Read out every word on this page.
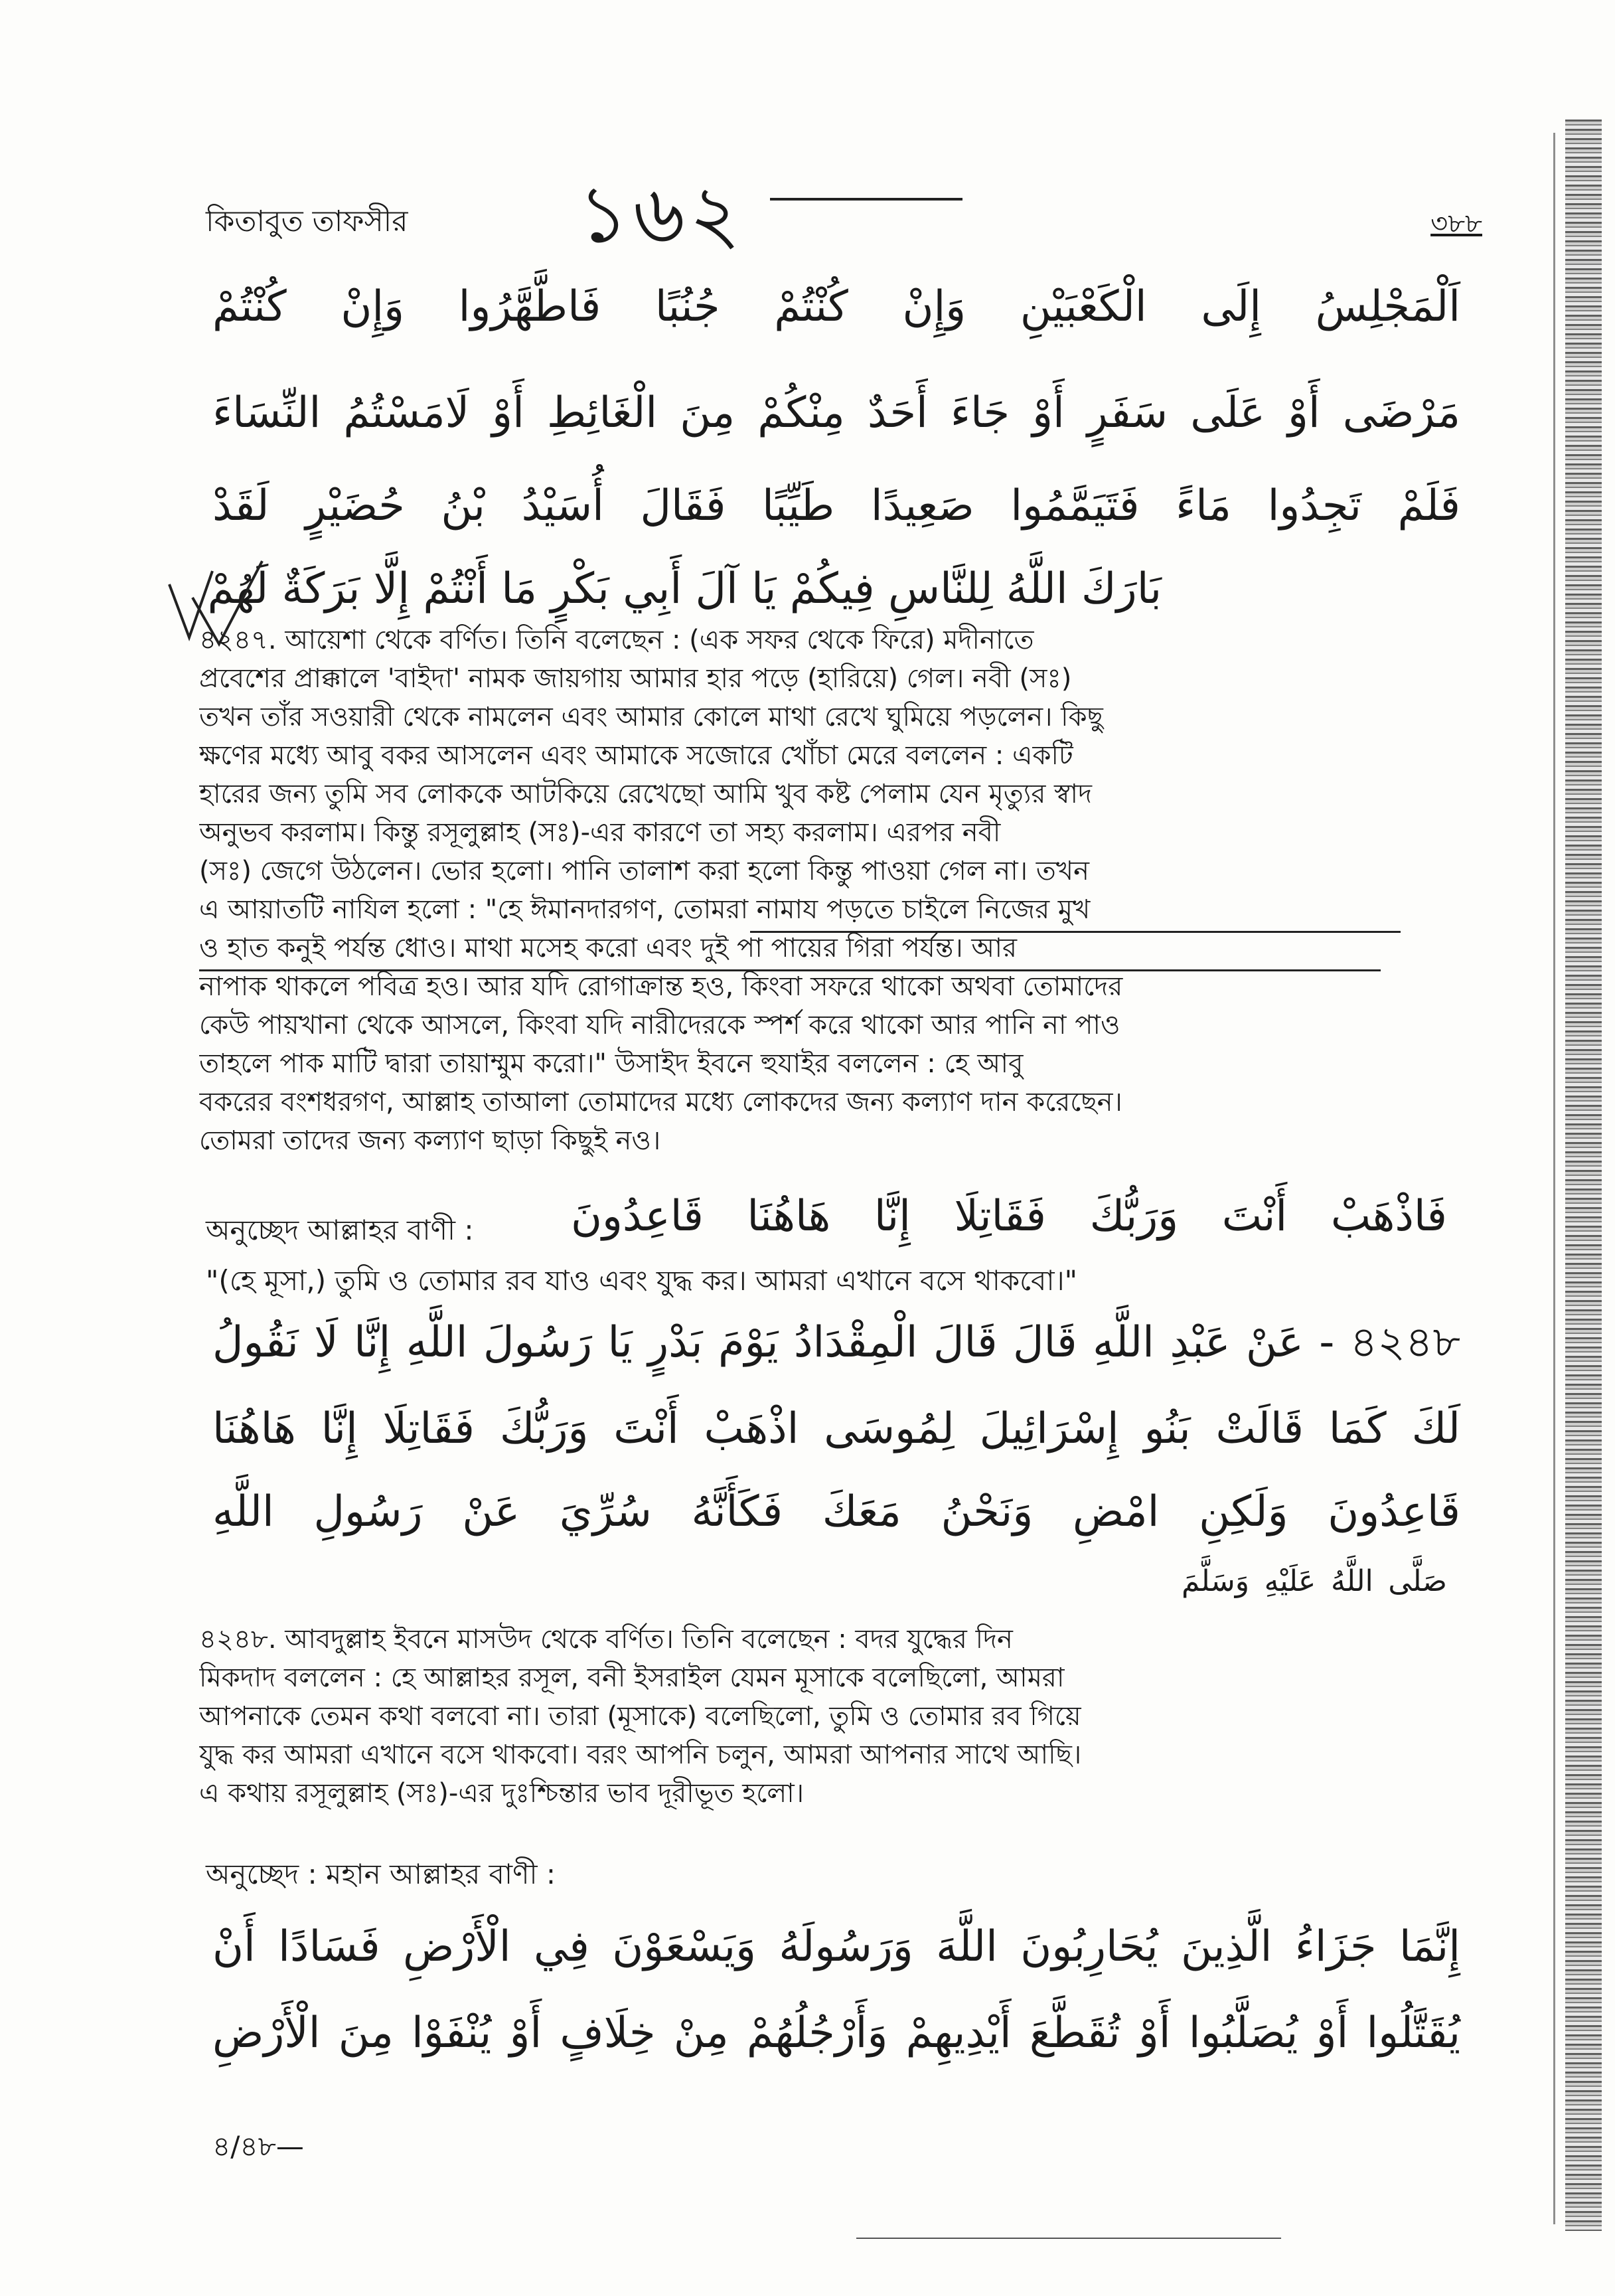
কিতাবুত তাফসীর ১৬২	৩৮৮
اَلْمَجْلِسُ إِلَى الْكَعْبَيْنِ وَإِنْ كُنْتُمْ جُنُبًا فَاطَّهَّرُوا وَإِنْ كُنْتُمْ
مَرْضَى أَوْ عَلَى سَفَرٍ أَوْ جَاءَ أَحَدٌ مِنْكُمْ مِنَ الْغَائِطِ أَوْ لَامَسْتُمُ النِّسَاءَ
فَلَمْ تَجِدُوا مَاءً فَتَيَمَّمُوا صَعِيدًا طَيِّبًا فَقَالَ أُسَيْدُ بْنُ حُضَيْرٍ لَقَدْ
بَارَكَ اللَّهُ لِلنَّاسِ فِيكُمْ يَا آلَ أَبِي بَكْرٍ مَا أَنْتُمْ إِلَّا بَرَكَةٌ لَهُمْ
৪২৪৭. আয়েশা থেকে বর্ণিত। তিনি বলেছেন : (এক সফর থেকে ফিরে) মদীনাতে
প্রবেশের প্রাক্কালে 'বাইদা' নামক জায়গায় আমার হার পড়ে (হারিয়ে) গেল। নবী (সঃ)
তখন তাঁর সওয়ারী থেকে নামলেন এবং আমার কোলে মাথা রেখে ঘুমিয়ে পড়লেন। কিছু
ক্ষণের মধ্যে আবু বকর আসলেন এবং আমাকে সজোরে খোঁচা মেরে বললেন : একটি
হারের জন্য তুমি সব লোককে আটকিয়ে রেখেছো আমি খুব কষ্ট পেলাম যেন মৃত্যুর স্বাদ
অনুভব করলাম। কিন্তু রসূলুল্লাহ (সঃ)-এর কারণে তা সহ্য করলাম। এরপর নবী
(সঃ) জেগে উঠলেন। ভোর হলো। পানি তালাশ করা হলো কিন্তু পাওয়া গেল না। তখন
এ আয়াতটি নাযিল হলো : "হে ঈমানদারগণ, তোমরা নামায পড়তে চাইলে নিজের মুখ
ও হাত কনুই পর্যন্ত ধোও। মাথা মসেহ করো এবং দুই পা পায়ের গিরা পর্যন্ত। আর
নাপাক থাকলে পবিত্র হও। আর যদি রোগাক্রান্ত হও, কিংবা সফরে থাকো অথবা তোমাদের
কেউ পায়খানা থেকে আসলে, কিংবা যদি নারীদেরকে স্পর্শ করে থাকো আর পানি না পাও
তাহলে পাক মাটি দ্বারা তায়াম্মুম করো।" উসাইদ ইবনে হুযাইর বললেন : হে আবু
বকরের বংশধরগণ, আল্লাহ তাআলা তোমাদের মধ্যে লোকদের জন্য কল্যাণ দান করেছেন।
তোমরা তাদের জন্য কল্যাণ ছাড়া কিছুই নও।
অনুচ্ছেদ আল্লাহর বাণী : فَاذْهَبْ أَنْتَ وَرَبُّكَ فَقَاتِلَا إِنَّا هَاهُنَا قَاعِدُونَ
"(হে মূসা,) তুমি ও তোমার রব যাও এবং যুদ্ধ কর। আমরা এখানে বসে থাকবো।"
৪২৪৮ - عَنْ عَبْدِ اللَّهِ قَالَ قَالَ الْمِقْدَادُ يَوْمَ بَدْرٍ يَا رَسُولَ اللَّهِ إِنَّا لَا نَقُولُ
لَكَ كَمَا قَالَتْ بَنُو إِسْرَائِيلَ لِمُوسَى اذْهَبْ أَنْتَ وَرَبُّكَ فَقَاتِلَا إِنَّا هَاهُنَا
قَاعِدُونَ وَلَكِنِ امْضِ وَنَحْنُ مَعَكَ فَكَأَنَّهُ سُرِّيَ عَنْ رَسُولِ اللَّهِ
صَلَّى اللَّهُ عَلَيْهِ وَسَلَّمَ
৪২৪৮. আবদুল্লাহ ইবনে মাসউদ থেকে বর্ণিত। তিনি বলেছেন : বদর যুদ্ধের দিন
মিকদাদ বললেন : হে আল্লাহর রসূল, বনী ইসরাইল যেমন মূসাকে বলেছিলো, আমরা
আপনাকে তেমন কথা বলবো না। তারা (মূসাকে) বলেছিলো, তুমি ও তোমার রব গিয়ে
যুদ্ধ কর আমরা এখানে বসে থাকবো। বরং আপনি চলুন, আমরা আপনার সাথে আছি।
এ কথায় রসূলুল্লাহ (সঃ)-এর দুঃশ্চিন্তার ভাব দূরীভূত হলো।
অনুচ্ছেদ : মহান আল্লাহর বাণী :
إِنَّمَا جَزَاءُ الَّذِينَ يُحَارِبُونَ اللَّهَ وَرَسُولَهُ وَيَسْعَوْنَ فِي الْأَرْضِ فَسَادًا أَنْ
يُقَتَّلُوا أَوْ يُصَلَّبُوا أَوْ تُقَطَّعَ أَيْدِيهِمْ وَأَرْجُلُهُمْ مِنْ خِلَافٍ أَوْ يُنْفَوْا مِنَ الْأَرْضِ
৪/৪৮—
